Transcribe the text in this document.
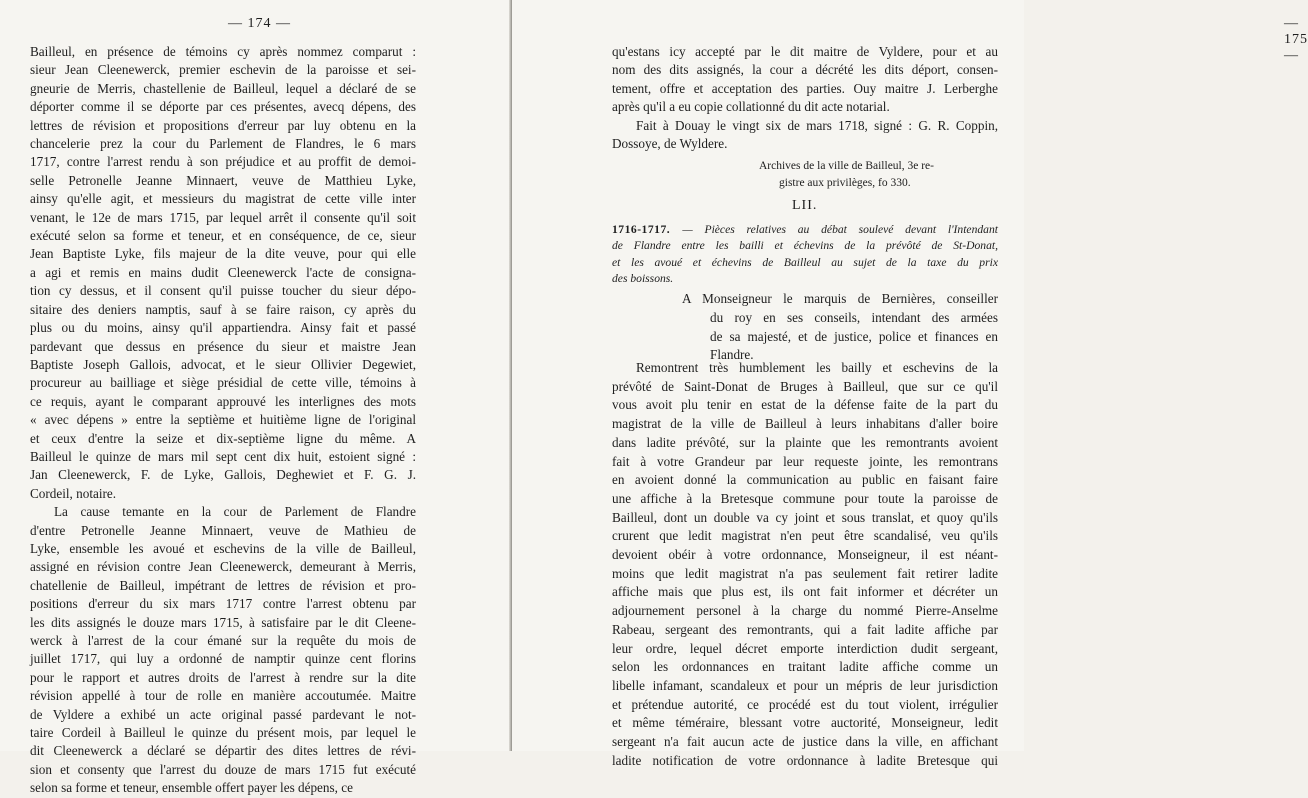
— 174 —
Bailleul, en présence de témoins cy après nommez comparut :
sieur Jean Cleenewerck, premier eschevin de la paroisse et sei-
gneurie de Merris, chastellenie de Bailleul, lequel a déclaré de se
déporter comme il se déporte par ces présentes, avecq dépens, des
lettres de révision et propositions d'erreur par luy obtenu en la
chancelerie prez la cour du Parlement de Flandres, le 6 mars
1717, contre l'arrest rendu à son préjudice et au proffit de demoi-
selle Petronelle Jeanne Minnaert, veuve de Matthieu Lyke,
ainsy qu'elle agit, et messieurs du magistrat de cette ville inter
venant, le 12e de mars 1715, par lequel arrêt il consente qu'il soit
exécuté selon sa forme et teneur, et en conséquence, de ce, sieur
Jean Baptiste Lyke, fils majeur de la dite veuve, pour qui elle
a agi et remis en mains dudit Cleenewerck l'acte de consigna-
tion cy dessus, et il consent qu'il puisse toucher du sieur dépo-
sitaire des deniers namptis, sauf à se faire raison, cy après du
plus ou du moins, ainsy qu'il appartiendra. Ainsy fait et passé
pardevant que dessus en présence du sieur et maistre Jean
Baptiste Joseph Gallois, advocat, et le sieur Ollivier Degewiet,
procureur au bailliage et siège présidial de cette ville, témoins à
ce requis, ayant le comparant approuvé les interlignes des mots
« avec dépens » entre la septième et huitième ligne de l'original
et ceux d'entre la seize et dix-septième ligne du même. A
Bailleul le quinze de mars mil sept cent dix huit, estoient signé :
Jan Cleenewerck, F. de Lyke, Gallois, Deghewiet et F. G. J.
Cordeil, notaire.
La cause temante en la cour de Parlement de Flandre
d'entre Petronelle Jeanne Minnaert, veuve de Mathieu de
Lyke, ensemble les avoué et eschevins de la ville de Bailleul,
assigné en révision contre Jean Cleenewerck, demeurant à Merris,
chatellenie de Bailleul, impétrant de lettres de révision et pro-
positions d'erreur du six mars 1717 contre l'arrest obtenu par
les dits assignés le douze mars 1715, à satisfaire par le dit Cleene-
werck à l'arrest de la cour émané sur la requête du mois de
juillet 1717, qui luy a ordonné de namptir quinze cent florins
pour le rapport et autres droits de l'arrest à rendre sur la dite
révision appellé à tour de rolle en manière accoutumée. Maitre
de Vyldere a exhibé un acte original passé pardevant le not-
taire Cordeil à Bailleul le quinze du présent mois, par lequel le
dit Cleenewerck a déclaré se départir des dites lettres de révi-
sion et consenty que l'arrest du douze de mars 1715 fut exécuté
selon sa forme et teneur, ensemble offert payer les dépens, ce
— 175 —
qu'estans icy accepté par le dit maitre de Vyldere, pour et au
nom des dits assignés, la cour a décrété les dits déport, consen-
tement, offre et acceptation des parties. Ouy maitre J. Lerberghe
après qu'il a eu copie collationné du dit acte notarial.
Fait à Douay le vingt six de mars 1718, signé : G. R. Coppin,
Dossoye, de Wyldere.
Archives de la ville de Bailleul, 3e re-
gistre aux privilèges, fo 330.
LII.
1716-1717. — Pièces relatives au débat soulevé devant l'Intendant
de Flandre entre les bailli et échevins de la prévôté de St-Donat,
et les avoué et échevins de Bailleul au sujet de la taxe du prix
des boissons.
A Monseigneur le marquis de Bernières, conseiller
du roy en ses conseils, intendant des armées
de sa majesté, et de justice, police et finances en
Flandre.
Remontrent très humblement les bailly et eschevins de la
prévôté de Saint-Donat de Bruges à Bailleul, que sur ce qu'il
vous avoit plu tenir en estat de la défense faite de la part du
magistrat de la ville de Bailleul à leurs inhabitans d'aller boire
dans ladite prévôté, sur la plainte que les remontrants avoient
fait à votre Grandeur par leur requeste jointe, les remontrans
en avoient donné la communication au public en faisant faire
une affiche à la Bretesque commune pour toute la paroisse de
Bailleul, dont un double va cy joint et sous translat, et quoy qu'ils
crurent que ledit magistrat n'en peut être scandalisé, veu qu'ils
devoient obéir à votre ordonnance, Monseigneur, il est néant-
moins que ledit magistrat n'a pas seulement fait retirer ladite
affiche mais que plus est, ils ont fait informer et décréter un
adjournement personel à la charge du nommé Pierre-Anselme
Rabeau, sergeant des remontrants, qui a fait ladite affiche par
leur ordre, lequel décret emporte interdiction dudit sergeant,
selon les ordonnances en traitant ladite affiche comme un
libelle infamant, scandaleux et pour un mépris de leur jurisdiction
et prétendue autorité, ce procédé est du tout violent, irrégulier
et même téméraire, blessant votre auctorité, Monseigneur, ledit
sergeant n'a fait aucun acte de justice dans la ville, en affichant
ladite notification de votre ordonnance à ladite Bretesque qui
